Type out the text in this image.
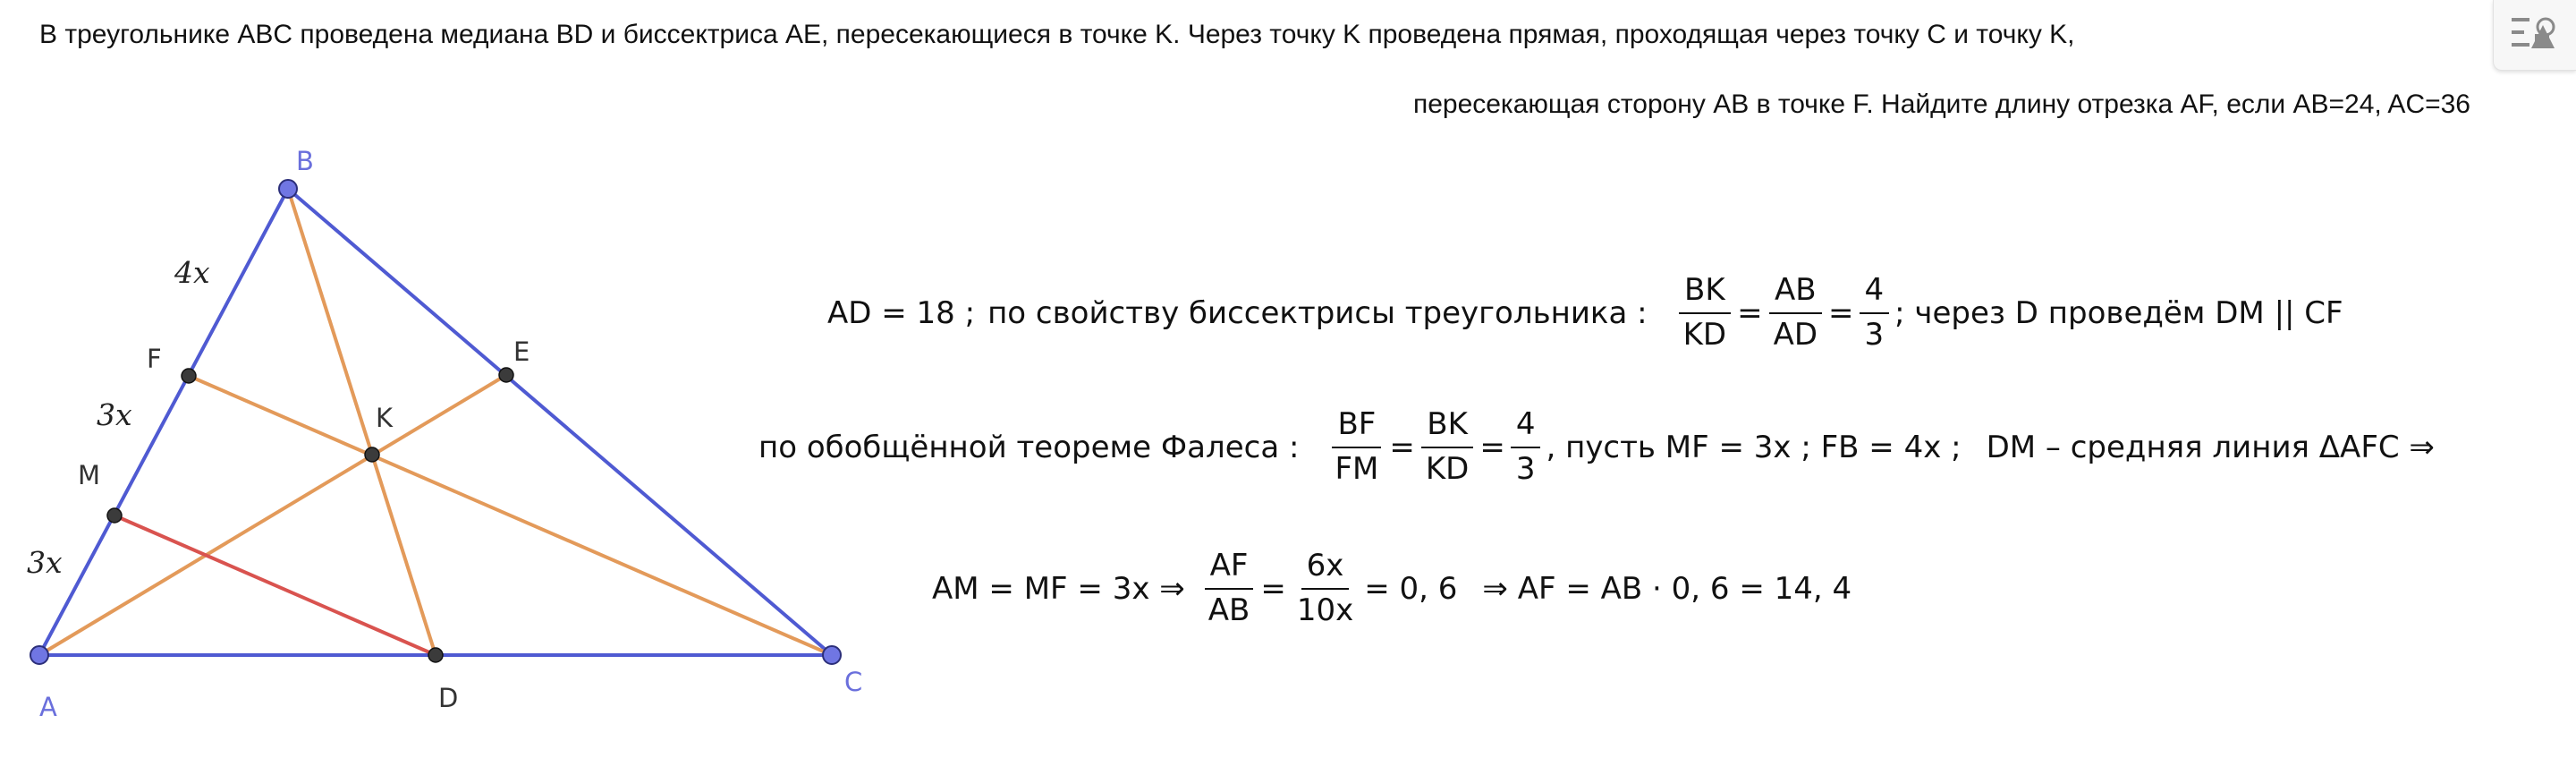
В треугольнике ABC проведена медиана BD и биссектриса AE, пересекающиеся в точке K. Через точку K проведена прямая, проходящая через точку C и точку K,
пересекающая сторону AB в точке F. Найдите длину отрезка AF, если AB=24, AC=36
A
B
C
F
M
E
K
D
4x
3x
3x
AD = 18 ; по свойству биссектрисы треугольника : $\frac{BK}{KD} = \frac{AB}{AD} = \frac{4}{3}$ ; через D проведём DM || CF
по обобщённой теореме Фалеса : $\frac{BF}{FM} = \frac{BK}{KD} = \frac{4}{3}$ , пусть MF = 3x ; FB = 4x ; DM – средняя линия ΔAFC ⇒
AM = MF = 3x ⇒ $\frac{AF}{AB} = \frac{6x}{10x} = 0$, 6 ⇒ AF = AB · 0, 6 = 14, 4
